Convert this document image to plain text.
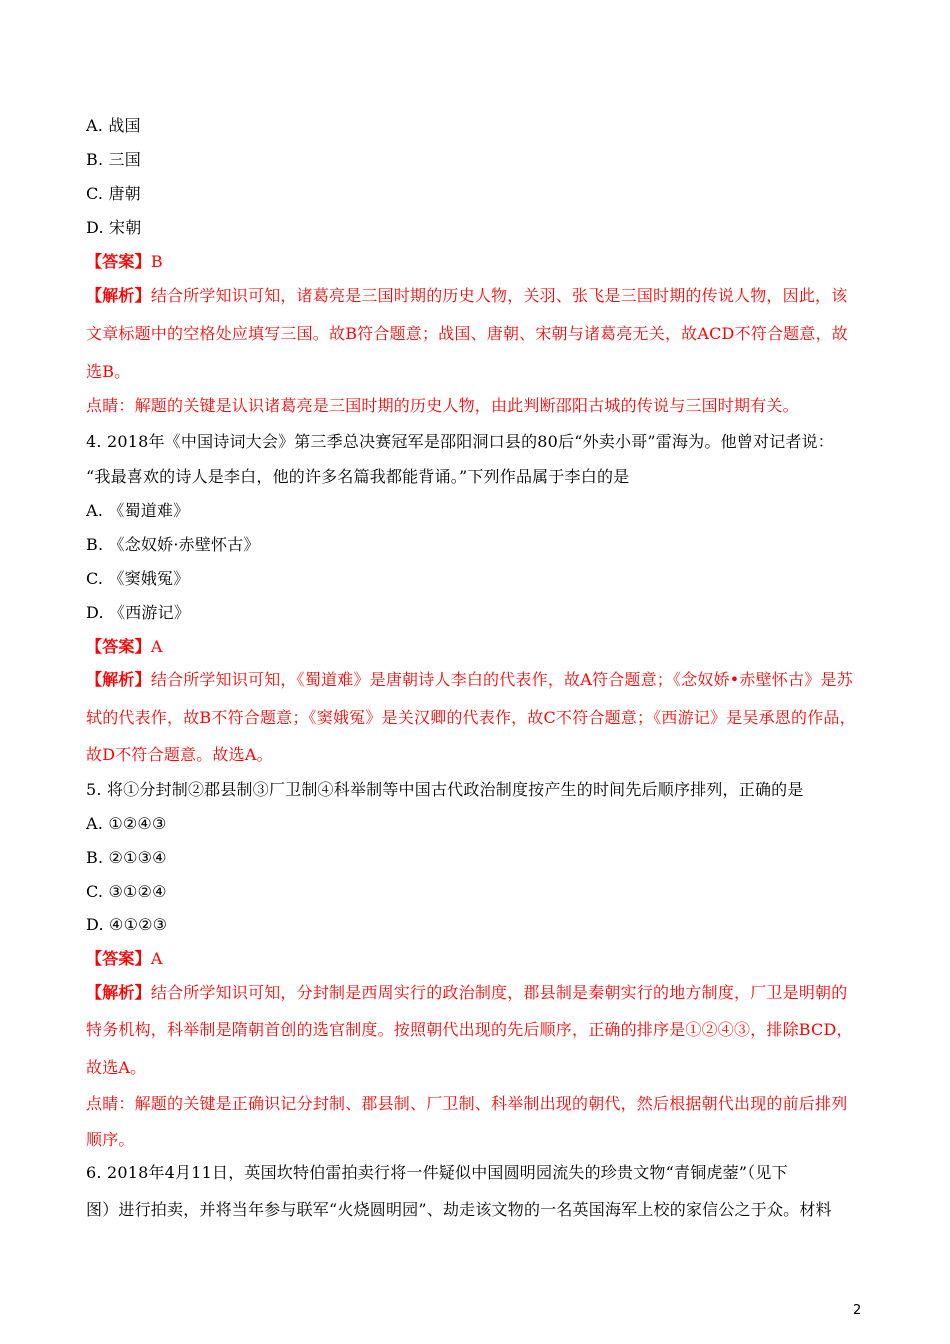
A. 战国
B. 三国
C. 唐朝
D. 宋朝
【答案】B
【解析】结合所学知识可知，诸葛亮是三国时期的历史人物，关羽、张飞是三国时期的传说人物，因此，该
文章标题中的空格处应填写三国。故B符合题意；战国、唐朝、宋朝与诸葛亮无关，故ACD不符合题意，故
选B。
点睛：解题的关键是认识诸葛亮是三国时期的历史人物，由此判断邵阳古城的传说与三国时期有关。
4. 2018年《中国诗词大会》第三季总决赛冠军是邵阳洞口县的80后“外卖小哥”雷海为。他曾对记者说：
“我最喜欢的诗人是李白，他的许多名篇我都能背诵。”下列作品属于李白的是
A. 《蜀道难》
B. 《念奴娇·赤壁怀古》
C. 《窦娥冤》
D. 《西游记》
【答案】A
【解析】结合所学知识可知，《蜀道难》是唐朝诗人李白的代表作，故A符合题意；《念奴娇•赤壁怀古》是苏
轼的代表作，故B不符合题意；《窦娥冤》是关汉卿的代表作，故C不符合题意；《西游记》是吴承恩的作品，
故D不符合题意。故选A。
5. 将①分封制②郡县制③厂卫制④科举制等中国古代政治制度按产生的时间先后顺序排列，正确的是
A. ①②④③
B. ②①③④
C. ③①②④
D. ④①②③
【答案】A
【解析】结合所学知识可知，分封制是西周实行的政治制度，郡县制是秦朝实行的地方制度，厂卫是明朝的
特务机构，科举制是隋朝首创的选官制度。按照朝代出现的先后顺序，正确的排序是①②④③，排除BCD，
故选A。
点睛：解题的关键是正确识记分封制、郡县制、厂卫制、科举制出现的朝代，然后根据朝代出现的前后排列
顺序。
6. 2018年4月11日，英国坎特伯雷拍卖行将一件疑似中国圆明园流失的珍贵文物“青铜虎蓥”（见下
图）进行拍卖，并将当年参与联军“火烧圆明园”、劫走该文物的一名英国海军上校的家信公之于众。材料
2
